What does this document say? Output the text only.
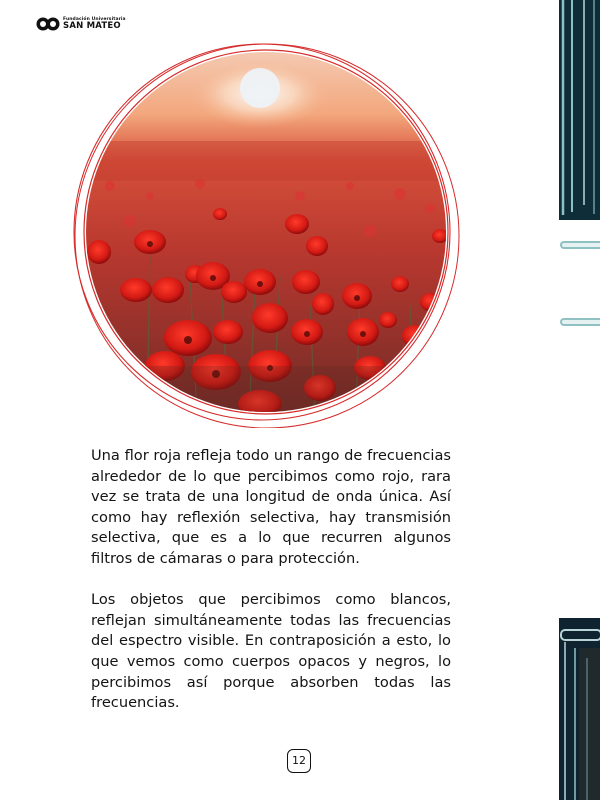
Fundación Universitaria
SAN MATEO

Una flor roja refleja todo un rango de frecuencias alrededor de lo que percibimos como rojo, rara vez se trata de una longitud de onda única. Así como hay reflexión selectiva, hay transmisión selectiva, que es a lo que recurren algunos filtros de cámaras o para protección.

Los objetos que percibimos como blancos, reflejan simultáneamente todas las frecuencias del espectro visible. En contraposición a esto, lo que vemos como cuerpos opacos y negros, lo percibimos así porque absorben todas las frecuencias.

12
